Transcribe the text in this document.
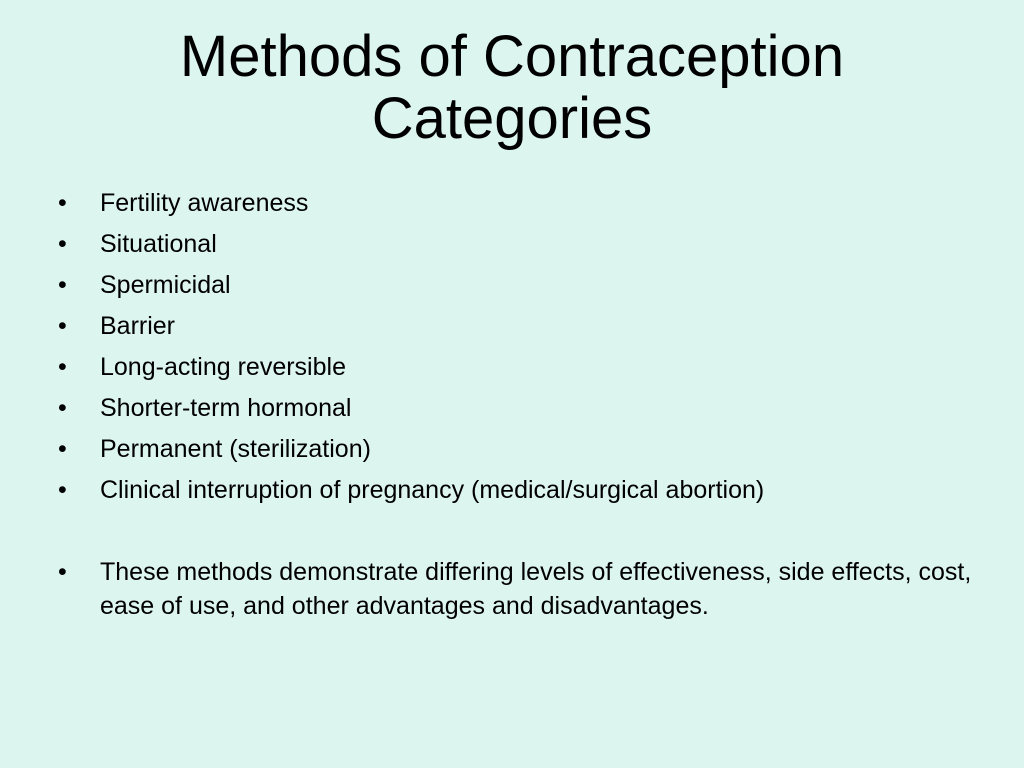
Methods of Contraception
Categories
•	Fertility awareness
•	Situational
•	Spermicidal
•	Barrier
•	Long-acting reversible
•	Shorter-term hormonal
•	Permanent (sterilization)
•	Clinical interruption of pregnancy (medical/surgical abortion)
•	These methods demonstrate differing levels of effectiveness, side effects, cost, ease of use, and other advantages and disadvantages.
